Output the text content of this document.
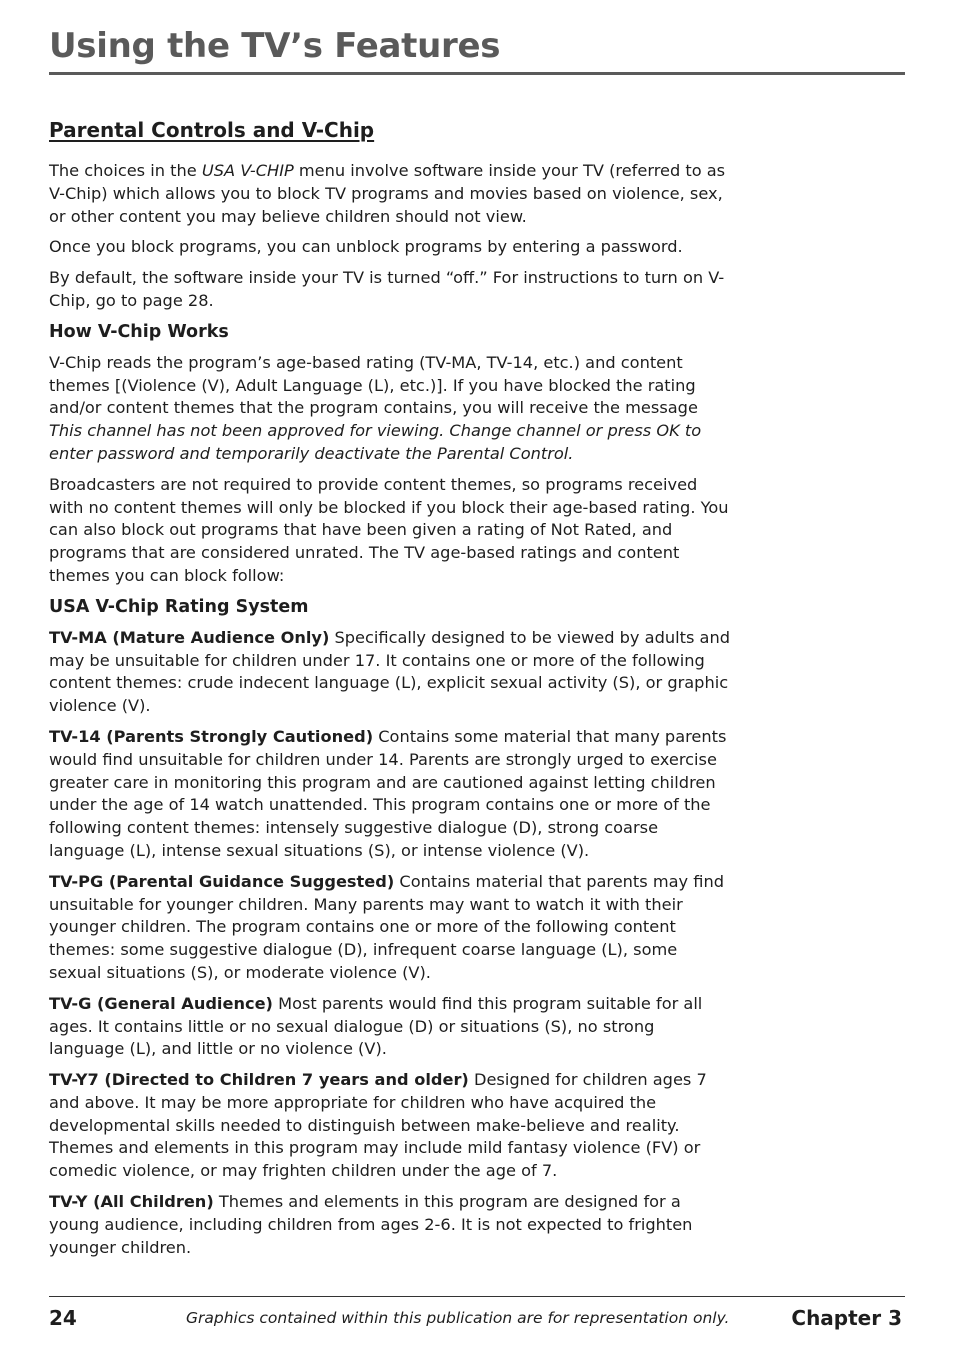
Using the TV’s Features
Parental Controls and V-Chip

The choices in the USA V-CHIP menu involve software inside your TV (referred to as V-Chip) which allows you to block TV programs and movies based on violence, sex, or other content you may believe children should not view.

Once you block programs, you can unblock programs by entering a password.

By default, the software inside your TV is turned “off.” For instructions to turn on V-Chip, go to page 28.

How V-Chip Works

V-Chip reads the program’s age-based rating (TV-MA, TV-14, etc.) and content themes [(Violence (V), Adult Language (L), etc.)]. If you have blocked the rating and/or content themes that the program contains, you will receive the message This channel has not been approved for viewing. Change channel or press OK to enter password and temporarily deactivate the Parental Control.

Broadcasters are not required to provide content themes, so programs received with no content themes will only be blocked if you block their age-based rating. You can also block out programs that have been given a rating of Not Rated, and programs that are considered unrated. The TV age-based ratings and content themes you can block follow:

USA V-Chip Rating System

TV-MA (Mature Audience Only) Specifically designed to be viewed by adults and may be unsuitable for children under 17. It contains one or more of the following content themes: crude indecent language (L), explicit sexual activity (S), or graphic violence (V).

TV-14 (Parents Strongly Cautioned) Contains some material that many parents would find unsuitable for children under 14. Parents are strongly urged to exercise greater care in monitoring this program and are cautioned against letting children under the age of 14 watch unattended. This program contains one or more of the following content themes: intensely suggestive dialogue (D), strong coarse language (L), intense sexual situations (S), or intense violence (V).

TV-PG (Parental Guidance Suggested) Contains material that parents may find unsuitable for younger children. Many parents may want to watch it with their younger children. The program contains one or more of the following content themes: some suggestive dialogue (D), infrequent coarse language (L), some sexual situations (S), or moderate violence (V).

TV-G (General Audience) Most parents would find this program suitable for all ages. It contains little or no sexual dialogue (D) or situations (S), no strong language (L), and little or no violence (V).

TV-Y7 (Directed to Children 7 years and older) Designed for children ages 7 and above. It may be more appropriate for children who have acquired the developmental skills needed to distinguish between make-believe and reality. Themes and elements in this program may include mild fantasy violence (FV) or comedic violence, or may frighten children under the age of 7.

TV-Y (All Children) Themes and elements in this program are designed for a young audience, including children from ages 2-6. It is not expected to frighten younger children.

24	Graphics contained within this publication are for representation only.	Chapter 3
